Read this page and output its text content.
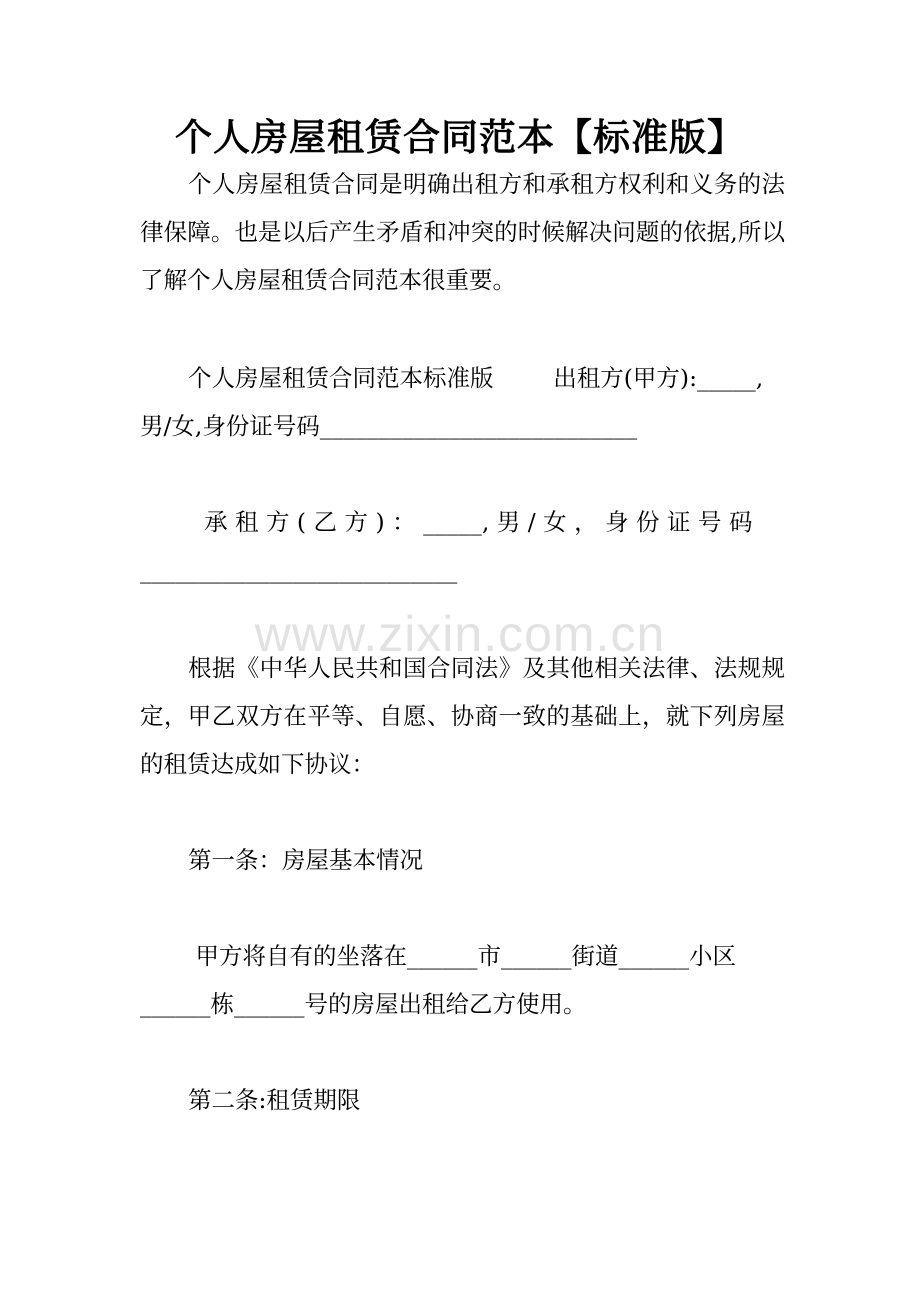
个人房屋租赁合同范本【标准版】

个人房屋租赁合同是明确出租方和承租方权利和义务的法律保障。也是以后产生矛盾和冲突的时候解决问题的依据,所以了解个人房屋租赁合同范本很重要。

个人房屋租赁合同范本标准版        出租方(甲方):_____,

男/女,身份证号码___________________________

承 租 方 ( 乙 方 ) ： _____, 男 / 女 ， 身 份 证 号 码

___________________________

www.zixin.com.cn

根据《中华人民共和国合同法》及其他相关法律、法规规定，甲乙双方在平等、自愿、协商一致的基础上，就下列房屋的租赁达成如下协议：

第一条：房屋基本情况

甲方将自有的坐落在______市______街道______小区

______栋______号的房屋出租给乙方使用。

第二条:租赁期限
